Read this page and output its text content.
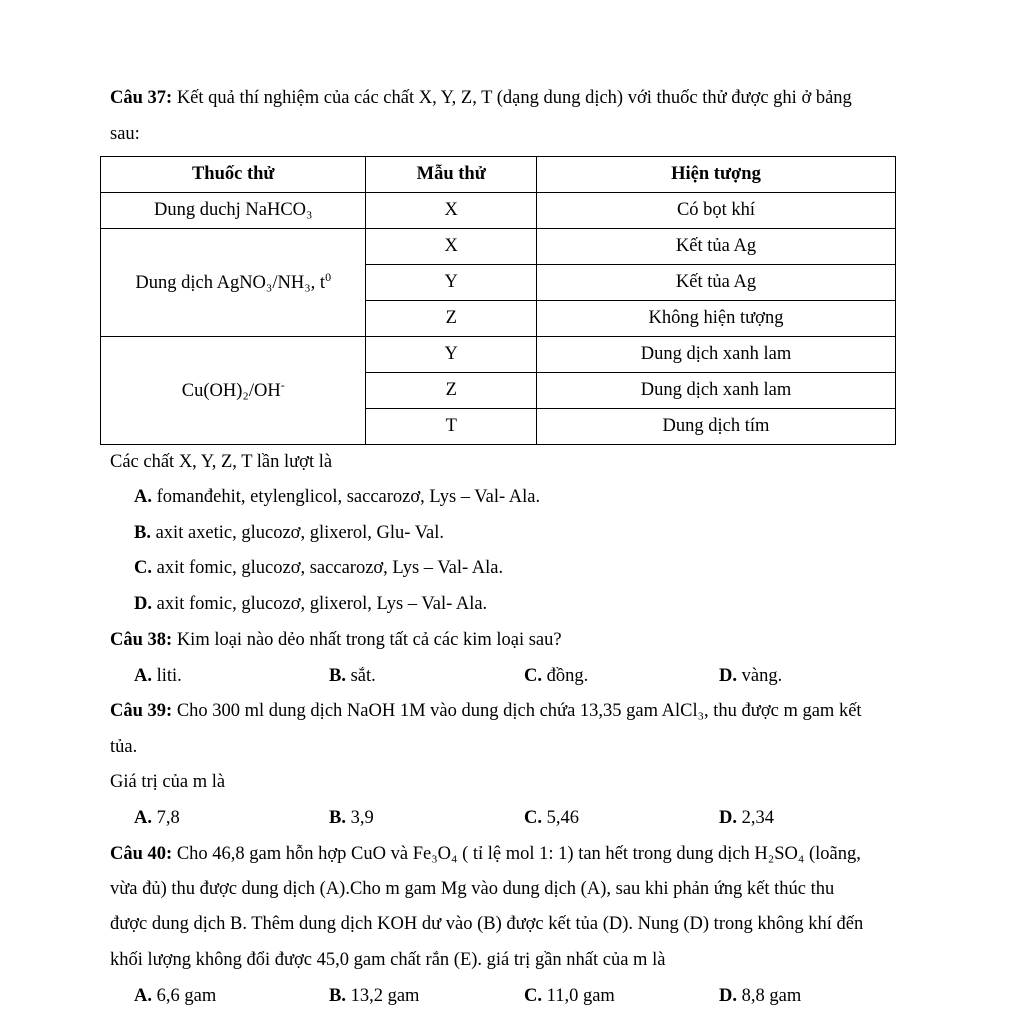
Câu 37: Kết quả thí nghiệm của các chất X, Y, Z, T (dạng dung dịch) với thuốc thử được ghi ở bảng
sau:
Thuốc thử	Mẫu thử	Hiện tượng
Dung duchj NaHCO₃	X	Có bọt khí
Dung dịch AgNO₃/NH₃, $t^0$	X	Kết tủa Ag
	Y	Kết tủa Ag
	Z	Không hiện tượng
Cu(OH)₂/OH-	Y	Dung dịch xanh lam
	Z	Dung dịch xanh lam
	T	Dung dịch tím
Các chất X, Y, Z, T lần lượt là
A. fomanđehit, etylenglicol, saccarozơ, Lys – Val- Ala.
B. axit axetic, glucozơ, glixerol, Glu- Val.
C. axit fomic, glucozơ, saccarozơ, Lys – Val- Ala.
D. axit fomic, glucozơ, glixerol, Lys – Val- Ala.
Câu 38: Kim loại nào dẻo nhất trong tất cả các kim loại sau?
A. liti.	B. sắt.	C. đồng.	D. vàng.
Câu 39: Cho 300 ml dung dịch NaOH 1M vào dung dịch chứa 13,35 gam AlCl₃, thu được m gam kết
tủa.
Giá trị của m là
A. 7,8	B. 3,9	C. 5,46	D. 2,34
Câu 40: Cho 46,8 gam hỗn hợp CuO và Fe₃O₄ ( tỉ lệ mol 1: 1) tan hết trong dung dịch H₂SO₄ (loãng,
vừa đủ) thu được dung dịch (A).Cho m gam Mg vào dung dịch (A), sau khi phản ứng kết thúc thu
được dung dịch B. Thêm dung dịch KOH dư vào (B) được kết tủa (D). Nung (D) trong không khí đến
khối lượng không đổi được 45,0 gam chất rắn (E). giá trị gần nhất của m là
A. 6,6 gam	B. 13,2 gam	C. 11,0 gam	D. 8,8 gam
